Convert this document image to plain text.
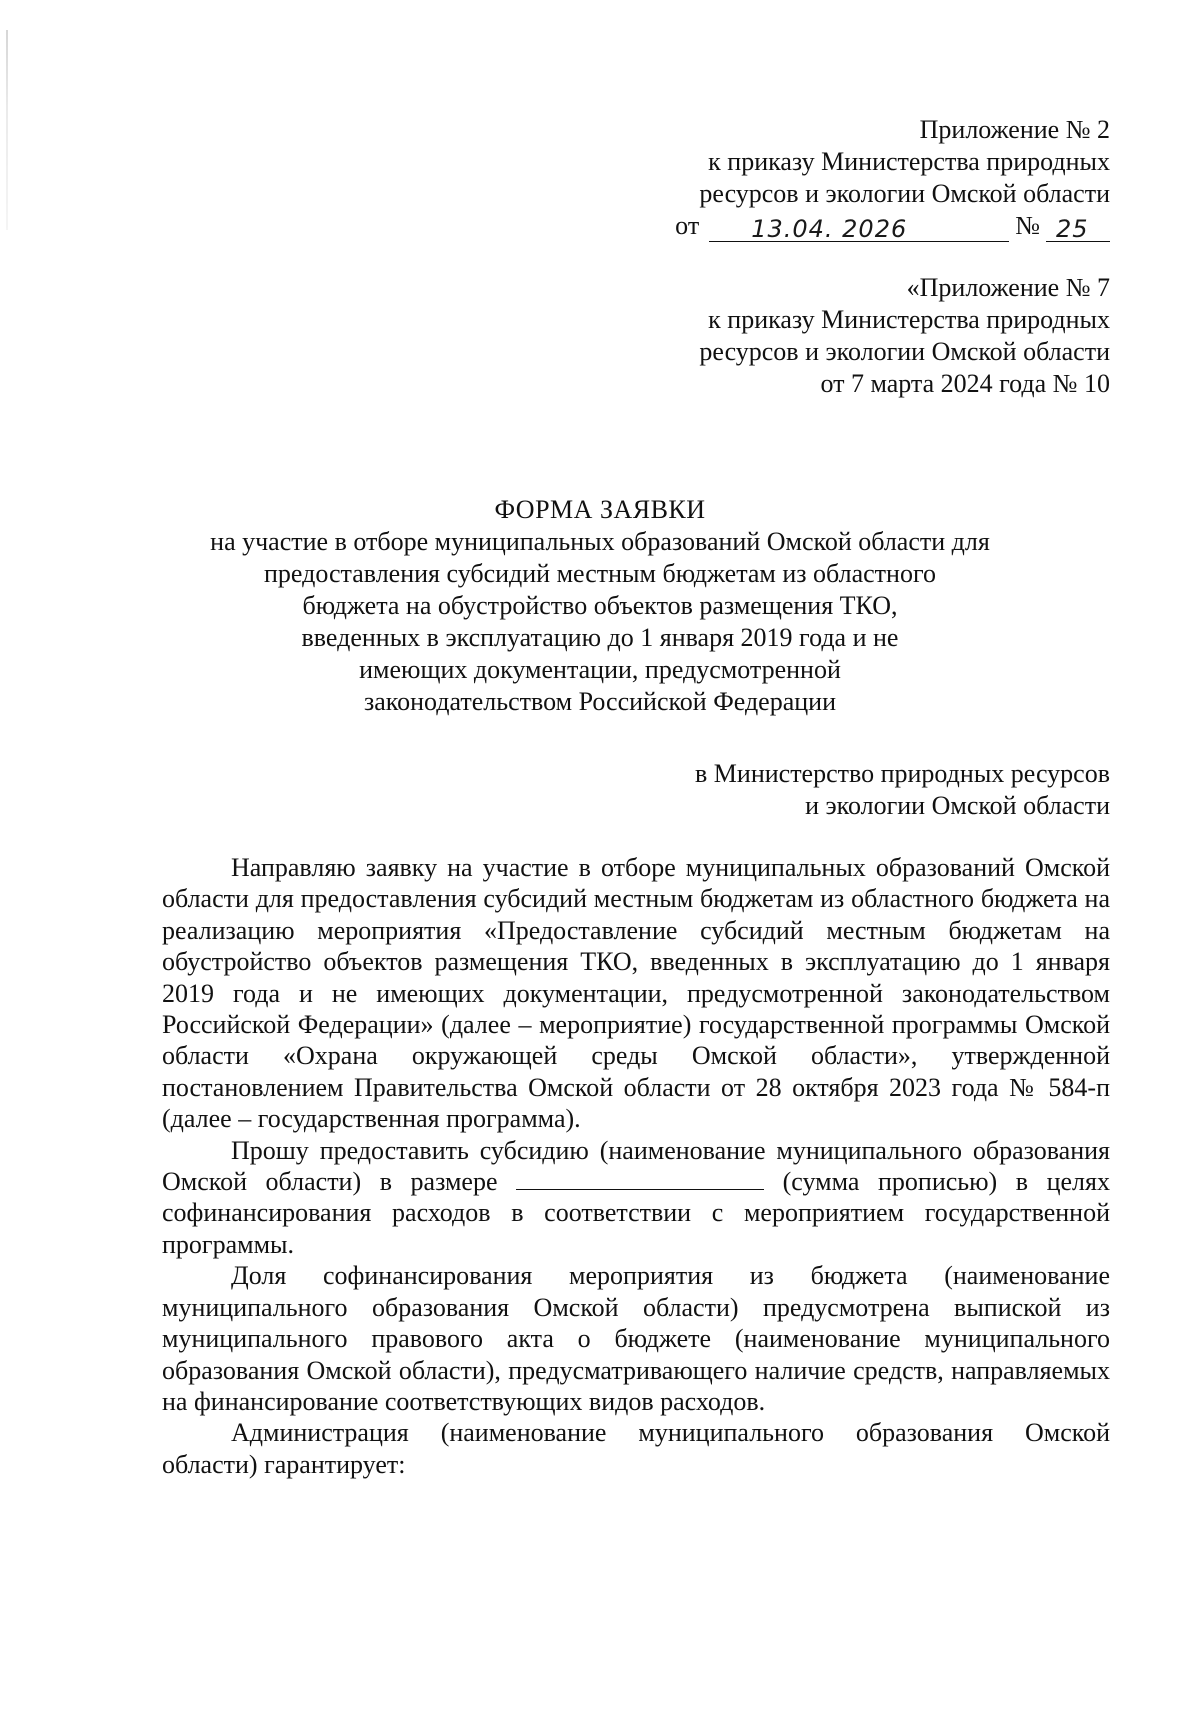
Приложение № 2
к приказу Министерства природных
ресурсов и экологии Омской области
от 13.04. 2026	№ 25
«Приложение № 7
к приказу Министерства природных
ресурсов и экологии Омской области
от 7 марта 2024 года № 10
ФОРМА ЗАЯВКИ
на участие в отборе муниципальных образований Омской области для
предоставления субсидий местным бюджетам из областного
бюджета на обустройство объектов размещения ТКО,
введенных в эксплуатацию до 1 января 2019 года и не
имеющих документации, предусмотренной
законодательством Российской Федерации
в Министерство природных ресурсов
и экологии Омской области

Направляю заявку на участие в отборе муниципальных образований Омской области для предоставления субсидий местным бюджетам из областного бюджета на реализацию мероприятия «Предоставление субсидий местным бюджетам на обустройство объектов размещения ТКО, введенных в эксплуатацию до 1 января 2019 года и не имеющих документации, предусмотренной законодательством Российской Федерации» (далее – мероприятие) государственной программы Омской области «Охрана окружающей среды Омской области», утвержденной постановлением Правительства Омской области от 28 октября 2023 года № 584-п (далее – государственная программа).

Прошу предоставить субсидию (наименование муниципального образования Омской области) в размере	(сумма прописью) в целях софинансирования расходов в соответствии с мероприятием государственной программы.

Доля софинансирования мероприятия из бюджета (наименование муниципального образования Омской области) предусмотрена выпиской из муниципального правового акта о бюджете (наименование муниципального образования Омской области), предусматривающего наличие средств, направляемых на финансирование соответствующих видов расходов.

Администрация (наименование муниципального образования Омской области) гарантирует:
